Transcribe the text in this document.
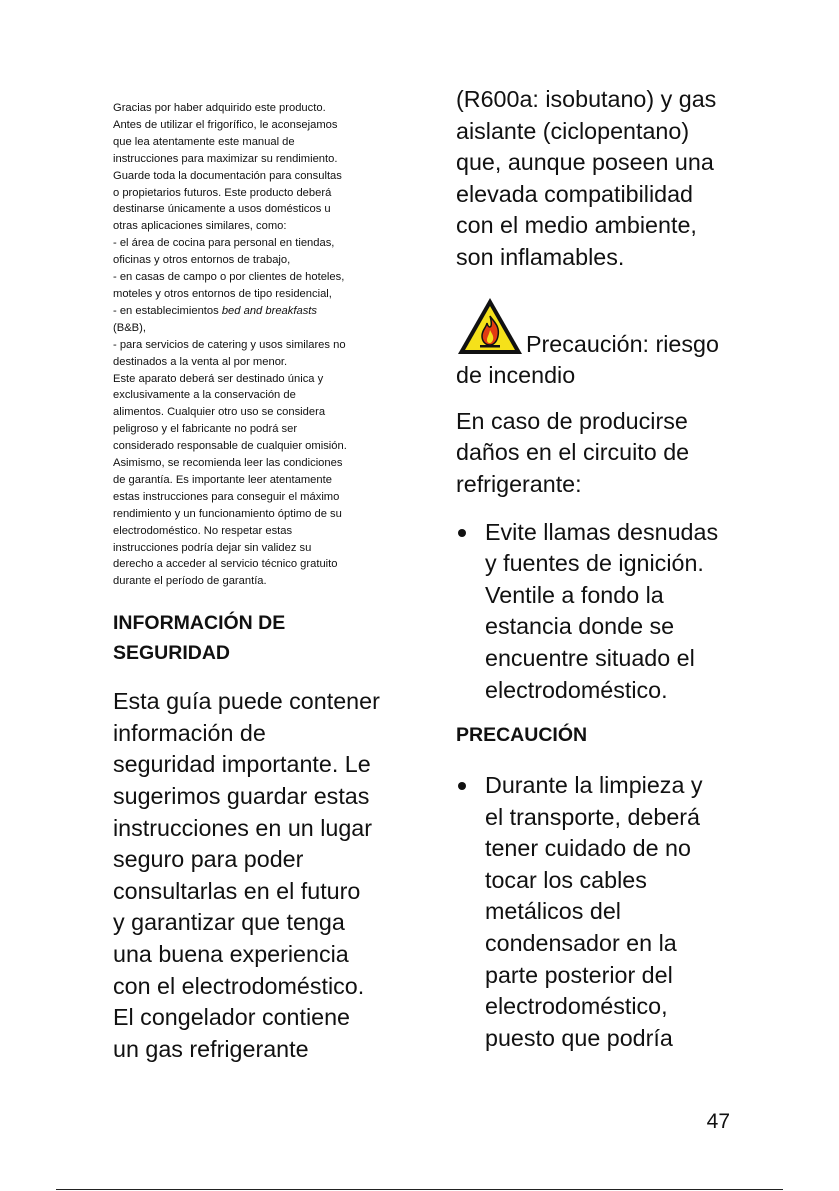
Gracias por haber adquirido este producto.

Antes de utilizar el frigorífico, le aconsejamos

que lea atentamente este manual de

instrucciones para maximizar su rendimiento.

Guarde toda la documentación para consultas

o propietarios futuros. Este producto deberá

destinarse únicamente a usos domésticos u

otras aplicaciones similares, como:

- el área de cocina para personal en tiendas,

oficinas y otros entornos de trabajo,

- en casas de campo o por clientes de hoteles,

moteles y otros entornos de tipo residencial,

- en establecimientos bed and breakfasts

(B&B),

- para servicios de catering y usos similares no

destinados a la venta al por menor.

Este aparato deberá ser destinado única y

exclusivamente a la conservación de

alimentos. Cualquier otro uso se considera

peligroso y el fabricante no podrá ser

considerado responsable de cualquier omisión.

Asimismo, se recomienda leer las condiciones

de garantía. Es importante leer atentamente

estas instrucciones para conseguir el máximo

rendimiento y un funcionamiento óptimo de su

electrodoméstico. No respetar estas

instrucciones podría dejar sin validez su

derecho a acceder al servicio técnico gratuito

durante el período de garantía.

INFORMACIÓN DE
SEGURIDAD

Esta guía puede contener

información de

seguridad importante. Le

sugerimos guardar estas

instrucciones en un lugar

seguro para poder

consultarlas en el futuro

y garantizar que tenga

una buena experiencia

con el electrodoméstico.

El congelador contiene

un gas refrigerante

(R600a: isobutano) y gas

aislante (ciclopentano)

que, aunque poseen una

elevada compatibilidad

con el medio ambiente,

son inflamables.

Precaución: riesgo

de incendio

En caso de producirse

daños en el circuito de

refrigerante:

Evite llamas desnudas
y fuentes de ignición.
Ventile a fondo la
estancia donde se
encuentre situado el
electrodoméstico.

PRECAUCIÓN

Durante la limpieza y
el transporte, deberá
tener cuidado de no
tocar los cables
metálicos del
condensador en la
parte posterior del
electrodoméstico,
puesto que podría
47
